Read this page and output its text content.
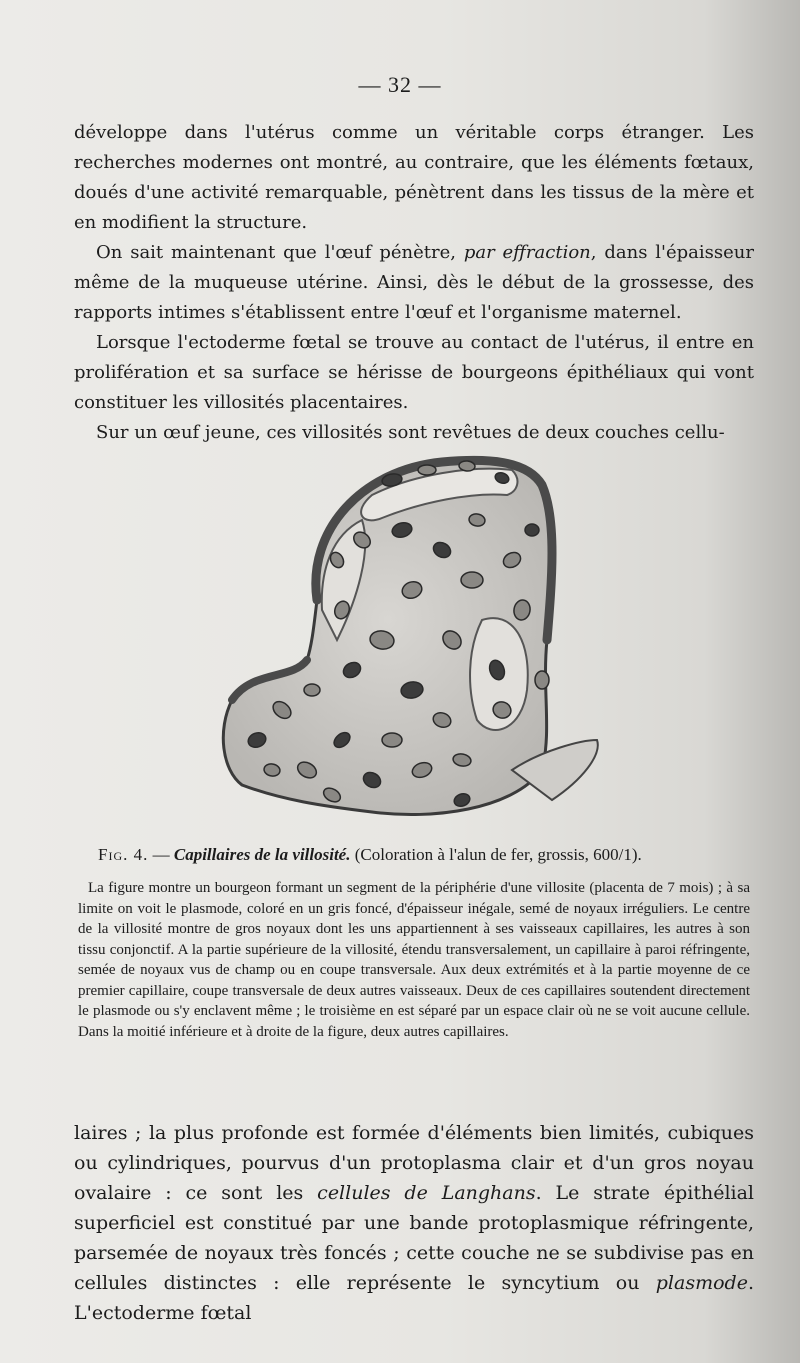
— 32 —

développe dans l'utérus comme un véritable corps étranger. Les recherches modernes ont montré, au contraire, que les éléments fœtaux, doués d'une activité remarquable, pénètrent dans les tissus de la mère et en modifient la structure.

On sait maintenant que l'œuf pénètre, par effraction, dans l'épaisseur même de la muqueuse utérine. Ainsi, dès le début de la grossesse, des rapports intimes s'établissent entre l'œuf et l'organisme maternel.

Lorsque l'ectoderme fœtal se trouve au contact de l'utérus, il entre en prolifération et sa surface se hérisse de bourgeons épithéliaux qui vont constituer les villosités placentaires.

Sur un œuf jeune, ces villosités sont revêtues de deux couches cellu-

Fig. 4. — Capillaires de la villosité. (Coloration à l'alun de fer, grossis, 600/1).
La figure montre un bourgeon formant un segment de la périphérie d'une villosite (placenta de 7 mois) ; à sa limite on voit le plasmode, coloré en un gris foncé, d'épaisseur inégale, semé de noyaux irréguliers. Le centre de la villosité montre de gros noyaux dont les uns appartiennent à ses vaisseaux capillaires, les autres à son tissu conjonctif. A la partie supérieure de la villosité, étendu transversalement, un capillaire à paroi réfringente, semée de noyaux vus de champ ou en coupe transversale. Aux deux extrémités et à la partie moyenne de ce premier capillaire, coupe transversale de deux autres vaisseaux. Deux de ces capillaires soutendent directement le plasmode ou s'y enclavent même ; le troisième en est séparé par un espace clair où ne se voit aucune cellule. Dans la moitié inférieure et à droite de la figure, deux autres capillaires.

laires ; la plus profonde est formée d'éléments bien limités, cubiques ou cylindriques, pourvus d'un protoplasma clair et d'un gros noyau ovalaire : ce sont les cellules de Langhans. Le strate épithélial superficiel est constitué par une bande protoplasmique réfringente, parsemée de noyaux très foncés ; cette couche ne se subdivise pas en cellules distinctes : elle représente le syncytium ou plasmode. L'ectoderme fœtal
